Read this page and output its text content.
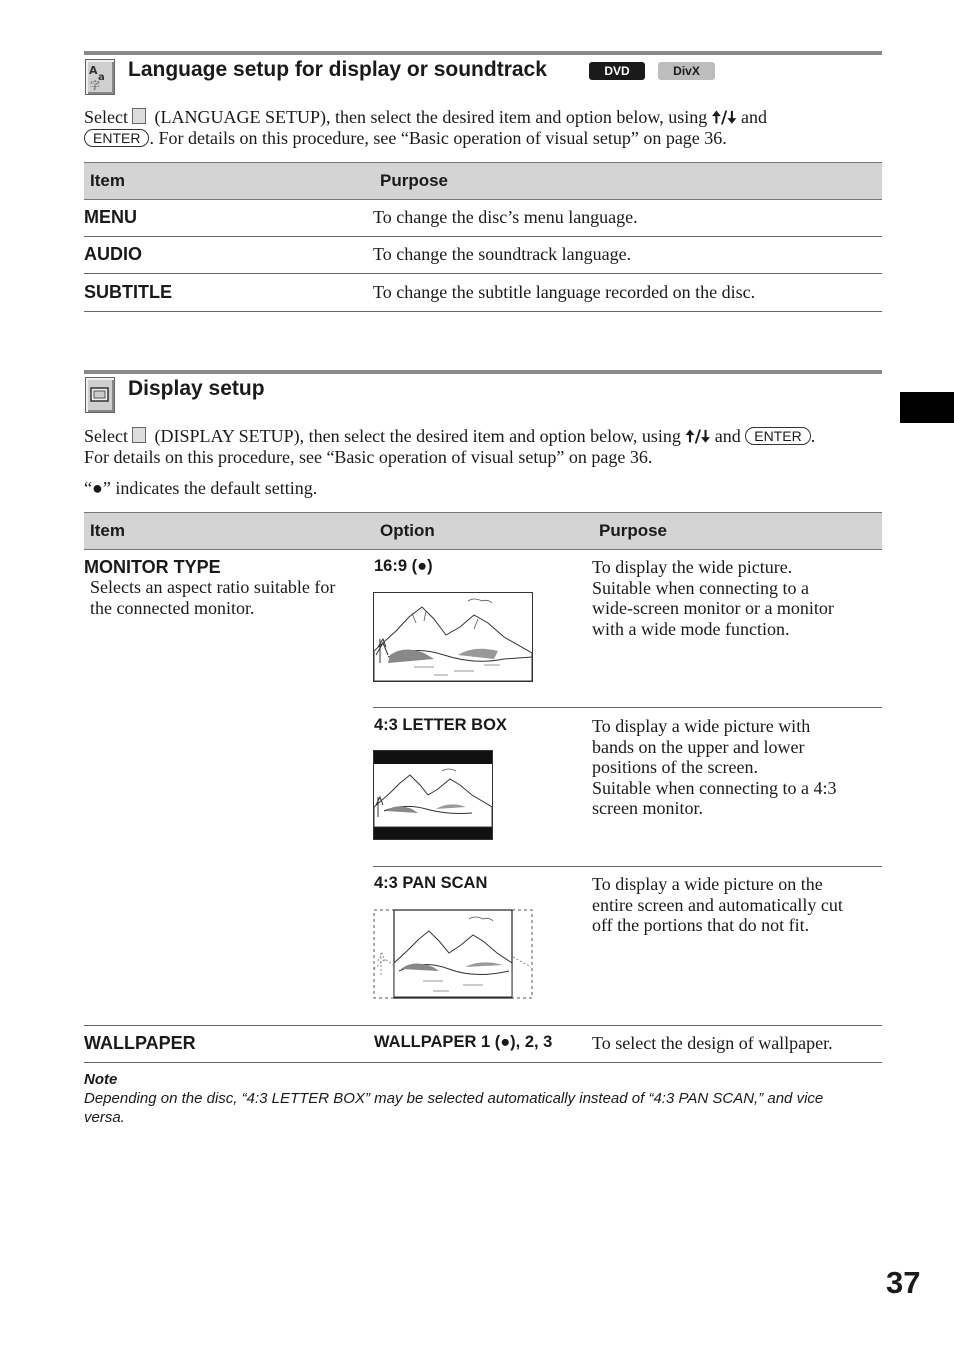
A
a
字
Language setup for display or soundtrack	DVD	DivX
Select (LANGUAGE SETUP), then select the desired item and option below, using 🠅/🠇 and
ENTER . For details on this procedure, see “Basic operation of visual setup” on page 36.
Item	Purpose
MENU	To change the disc’s menu language.
AUDIO	To change the soundtrack language.
SUBTITLE	To change the subtitle language recorded on the disc.
Display setup
Select (DISPLAY SETUP), then select the desired item and option below, using 🠅/🠇 and ENTER .
For details on this procedure, see “Basic operation of visual setup” on page 36.
“●” indicates the default setting.
Item	Option	Purpose
MONITOR TYPE
Selects an aspect ratio suitable for
the connected monitor.
16:9 (●)	To display the wide picture.
Suitable when connecting to a
wide-screen monitor or a monitor
with a wide mode function.
4:3 LETTER BOX	To display a wide picture with
bands on the upper and lower
positions of the screen.
Suitable when connecting to a 4:3
screen monitor.
4:3 PAN SCAN	To display a wide picture on the
entire screen and automatically cut
off the portions that do not fit.
WALLPAPER	WALLPAPER 1 (●), 2, 3 To select the design of wallpaper.
Note
Depending on the disc, “4:3 LETTER BOX” may be selected automatically instead of “4:3 PAN SCAN,” and vice
versa.
37
